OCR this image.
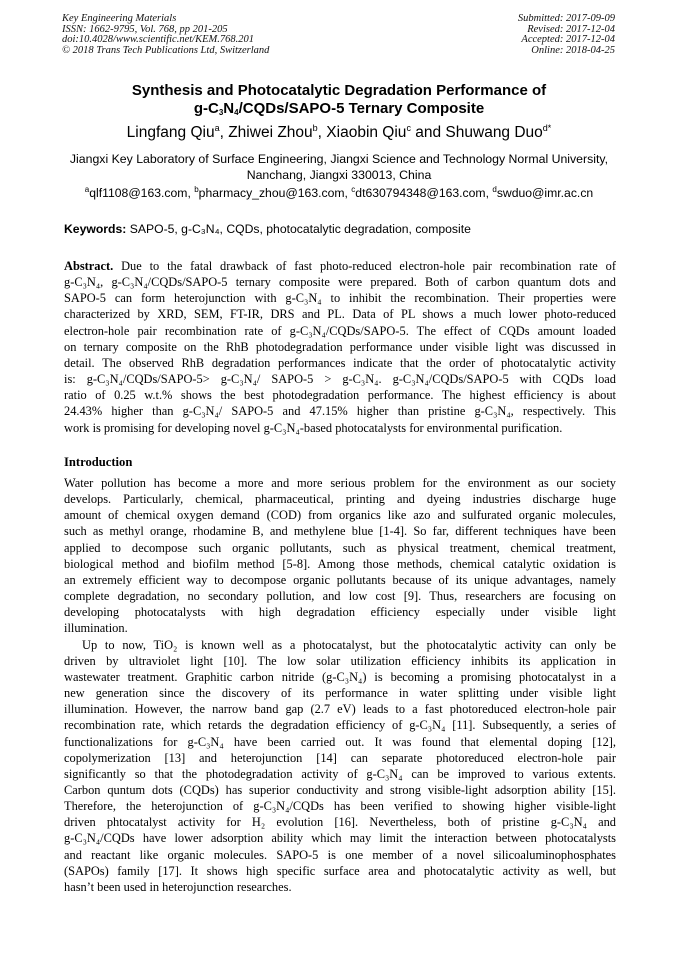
Key Engineering Materials
ISSN: 1662-9795, Vol. 768, pp 201-205
doi:10.4028/www.scientific.net/KEM.768.201
© 2018 Trans Tech Publications Ltd, Switzerland
Submitted: 2017-09-09
Revised: 2017-12-04
Accepted: 2017-12-04
Online: 2018-04-25
Synthesis and Photocatalytic Degradation Performance of
$g-C_3N_4/CQDs/SAPO-5$ Ternary Composite
Lingfang Qiu$^a$, Zhiwei Zhou$^b$, Xiaobin Qiu$^c$ and Shuwang Duo$^{d*}$
Jiangxi Key Laboratory of Surface Engineering, Jiangxi Science and Technology Normal University,
Nanchang, Jiangxi 330013, China
$^a$qlf1108@163.com, $^b$pharmacy_zhou@163.com, $^c$dt630794348@163.com, $^d$swduo@imr.ac.cn
Keywords: SAPO-5, g-C₃N₄, CQDs, photocatalytic degradation, composite
Abstract. Due to the fatal drawback of fast photo-reduced electron-hole pair recombination rate of
g-C₃N₄, g-C₃N₄/CQDs/SAPO-5 ternary composite were prepared. Both of carbon quantum dots and
SAPO-5 can form heterojunction with g-C₃N₄ to inhibit the recombination. Their properties were
characterized by XRD, SEM, FT-IR, DRS and PL. Data of PL shows a much lower photo-reduced
electron-hole pair recombination rate of g-C₃N₄/CQDs/SAPO-5. The effect of CQDs amount loaded
on ternary composite on the RhB photodegradation performance under visible light was discussed in
detail. The observed RhB degradation performances indicate that the order of photocatalytic activity
is: g-C₃N₄/CQDs/SAPO-5> g-C₃N₄/ SAPO-5 > g-C₃N₄. g-C₃N₄/CQDs/SAPO-5 with CQDs load
ratio of 0.25 w.t.% shows the best photodegradation performance. The highest efficiency is about
24.43% higher than g-C₃N₄/ SAPO-5 and 47.15% higher than pristine g-C₃N₄, respectively. This
work is promising for developing novel g-C₃N₄-based photocatalysts for environmental purification.
Introduction

Water pollution has become a more and more serious problem for the environment as our society
develops. Particularly, chemical, pharmaceutical, printing and dyeing industries discharge huge
amount of chemical oxygen demand (COD) from organics like azo and sulfurated organic molecules,
such as methyl orange, rhodamine B, and methylene blue [1-4]. So far, different techniques have been
applied to decompose such organic pollutants, such as physical treatment, chemical treatment,
biological method and biofilm method [5-8]. Among those methods, chemical catalytic oxidation is
an extremely efficient way to decompose organic pollutants because of its unique advantages, namely
complete degradation, no secondary pollution, and low cost [9]. Thus, researchers are focusing on
developing photocatalysts with high degradation efficiency especially under visible light
illumination.

Up to now, TiO₂ is known well as a photocatalyst, but the photocatalytic activity can only be
driven by ultraviolet light [10]. The low solar utilization efficiency inhibits its application in
wastewater treatment. Graphitic carbon nitride (g-C₃N₄) is becoming a promising photocatalyst in a
new generation since the discovery of its performance in water splitting under visible light
illumination. However, the narrow band gap (2.7 eV) leads to a fast photoreduced electron-hole pair
recombination rate, which retards the degradation efficiency of g-C₃N₄ [11]. Subsequently, a series of
functionalizations for g-C₃N₄ have been carried out. It was found that elemental doping [12],
copolymerization [13] and heterojunction [14] can separate photoreduced electron-hole pair
significantly so that the photodegradation activity of g-C₃N₄ can be improved to various extents.
Carbon quntum dots (CQDs) has superior conductivity and strong visible-light adsorption ability [15].
Therefore, the heterojunction of g-C₃N₄/CQDs has been verified to showing higher visible-light
driven phtocatalyst activity for H₂ evolution [16]. Nevertheless, both of pristine g-C₃N₄ and
g-C₃N₄/CQDs have lower adsorption ability which may limit the interaction between photocatalysts
and reactant like organic molecules. SAPO-5 is one member of a novel silicoaluminophosphates
(SAPOs) family [17]. It shows high specific surface area and photocatalytic activity as well, but
hasn’t been used in heterojunction researches.
